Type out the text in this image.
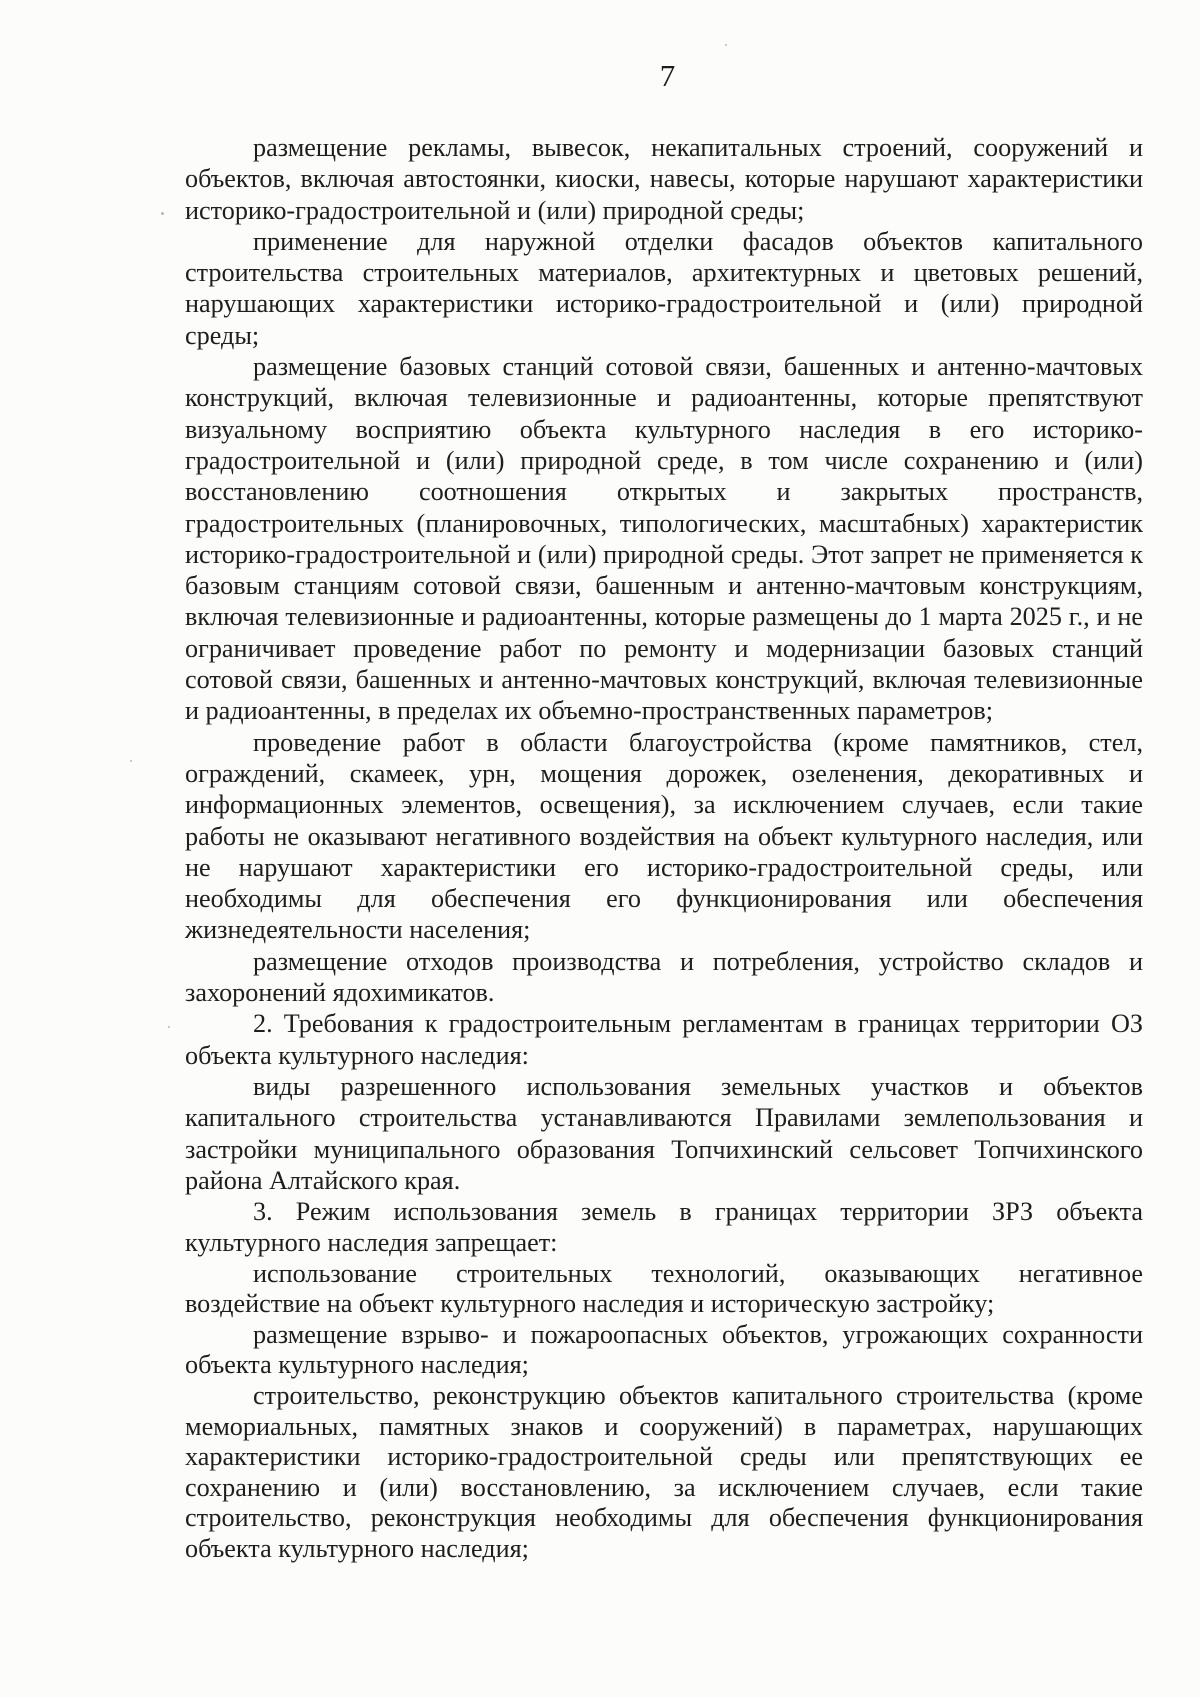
7

размещение рекламы, вывесок, некапитальных строений, сооружений и объектов, включая автостоянки, киоски, навесы, которые нарушают характеристики историко-градостроительной и (или) природной среды;

применение для наружной отделки фасадов объектов капитального строительства строительных материалов, архитектурных и цветовых решений, нарушающих характеристики историко-градостроительной и (или) природной среды;

размещение базовых станций сотовой связи, башенных и антенно-мачтовых конструкций, включая телевизионные и радиоантенны, которые препятствуют визуальному восприятию объекта культурного наследия в его историко-градостроительной и (или) природной среде, в том числе сохранению и (или) восстановлению соотношения открытых и закрытых пространств, градостроительных (планировочных, типологических, масштабных) характеристик историко-градостроительной и (или) природной среды. Этот запрет не применяется к базовым станциям сотовой связи, башенным и антенно-мачтовым конструкциям, включая телевизионные и радиоантенны, которые размещены до 1 марта 2025 г., и не ограничивает проведение работ по ремонту и модернизации базовых станций сотовой связи, башенных и антенно-мачтовых конструкций, включая телевизионные и радиоантенны, в пределах их объемно-пространственных параметров;

проведение работ в области благоустройства (кроме памятников, стел, ограждений, скамеек, урн, мощения дорожек, озеленения, декоративных и информационных элементов, освещения), за исключением случаев, если такие работы не оказывают негативного воздействия на объект культурного наследия, или не нарушают характеристики его историко-градостроительной среды, или необходимы для обеспечения его функционирования или обеспечения жизнедеятельности населения;

размещение отходов производства и потребления, устройство складов и захоронений ядохимикатов.

2. Требования к градостроительным регламентам в границах территории ОЗ объекта культурного наследия:

виды разрешенного использования земельных участков и объектов капитального строительства устанавливаются Правилами землепользования и застройки муниципального образования Топчихинский сельсовет Топчихинского района Алтайского края.

3. Режим использования земель в границах территории ЗРЗ объекта культурного наследия запрещает:

использование строительных технологий, оказывающих негативное воздействие на объект культурного наследия и историческую застройку;

размещение взрыво- и пожароопасных объектов, угрожающих сохранности объекта культурного наследия;

строительство, реконструкцию объектов капитального строительства (кроме мемориальных, памятных знаков и сооружений) в параметрах, нарушающих характеристики историко-градостроительной среды или препятствующих ее сохранению и (или) восстановлению, за исключением случаев, если такие строительство, реконструкция необходимы для обеспечения функционирования объекта культурного наследия;
